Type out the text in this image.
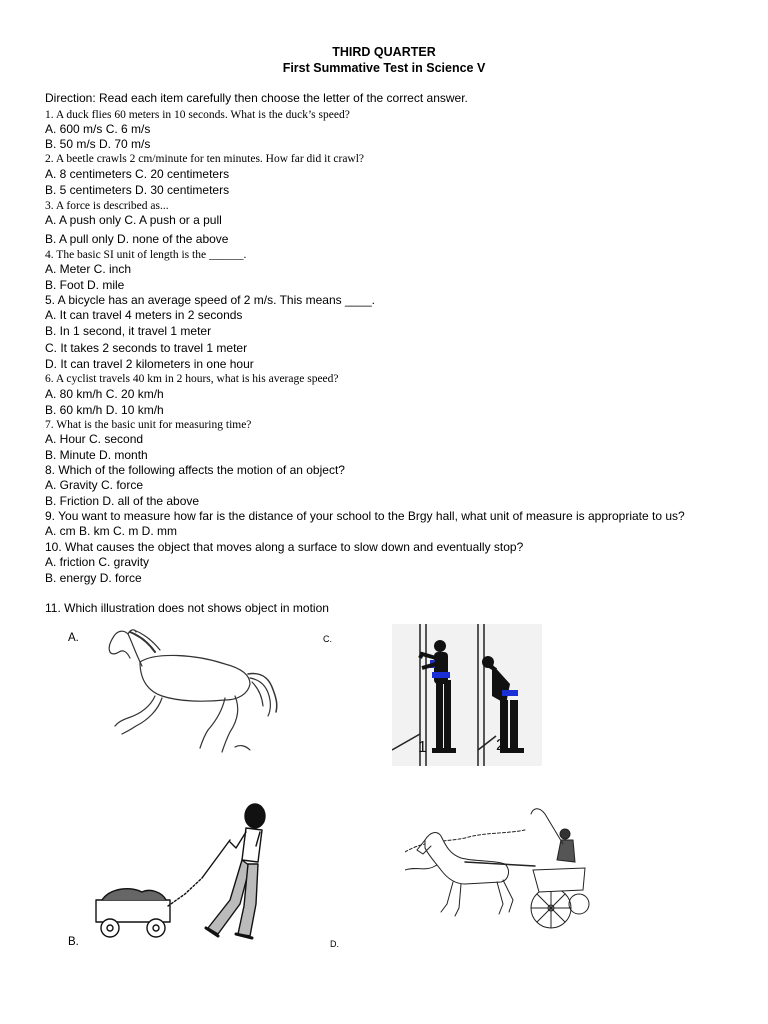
THIRD QUARTER
First Summative Test in Science V
Direction: Read each item carefully then choose the letter of the correct answer.
1. A duck flies 60 meters in 10 seconds. What is the duck’s speed?
A. 600 m/s C. 6 m/s
B. 50 m/s D. 70 m/s
2. A beetle crawls 2 cm/minute for ten minutes. How far did it crawl?
A. 8 centimeters C. 20 centimeters
B. 5 centimeters D. 30 centimeters
3. A force is described as...
A. A push only C. A push or a pull
B. A pull only D. none of the above
4. The basic SI unit of length is the ______.
A. Meter C. inch
B. Foot D. mile
5. A bicycle has an average speed of 2 m/s. This means ____.
A. It can travel 4 meters in 2 seconds
B. In 1 second, it travel 1 meter
C. It takes 2 seconds to travel 1 meter
D. It can travel 2 kilometers in one hour
6. A cyclist travels 40 km in 2 hours, what is his average speed?
A. 80 km/h C. 20 km/h
B. 60 km/h D. 10 km/h
7. What is the basic unit for measuring time?
A. Hour C. second
B. Minute D. month
8. Which of the following affects the motion of an object?
A. Gravity C. force
B. Friction D. all of the above
9. You want to measure how far is the distance of your school to the Brgy hall, what unit of measure is appropriate to us?
A. cm B. km C. m D. mm
10. What causes the object that moves along a surface to slow down and eventually stop?
A. friction C. gravity
B. energy D. force
11. Which illustration does not shows object in motion
A.	C.
B.	D.
1	2
